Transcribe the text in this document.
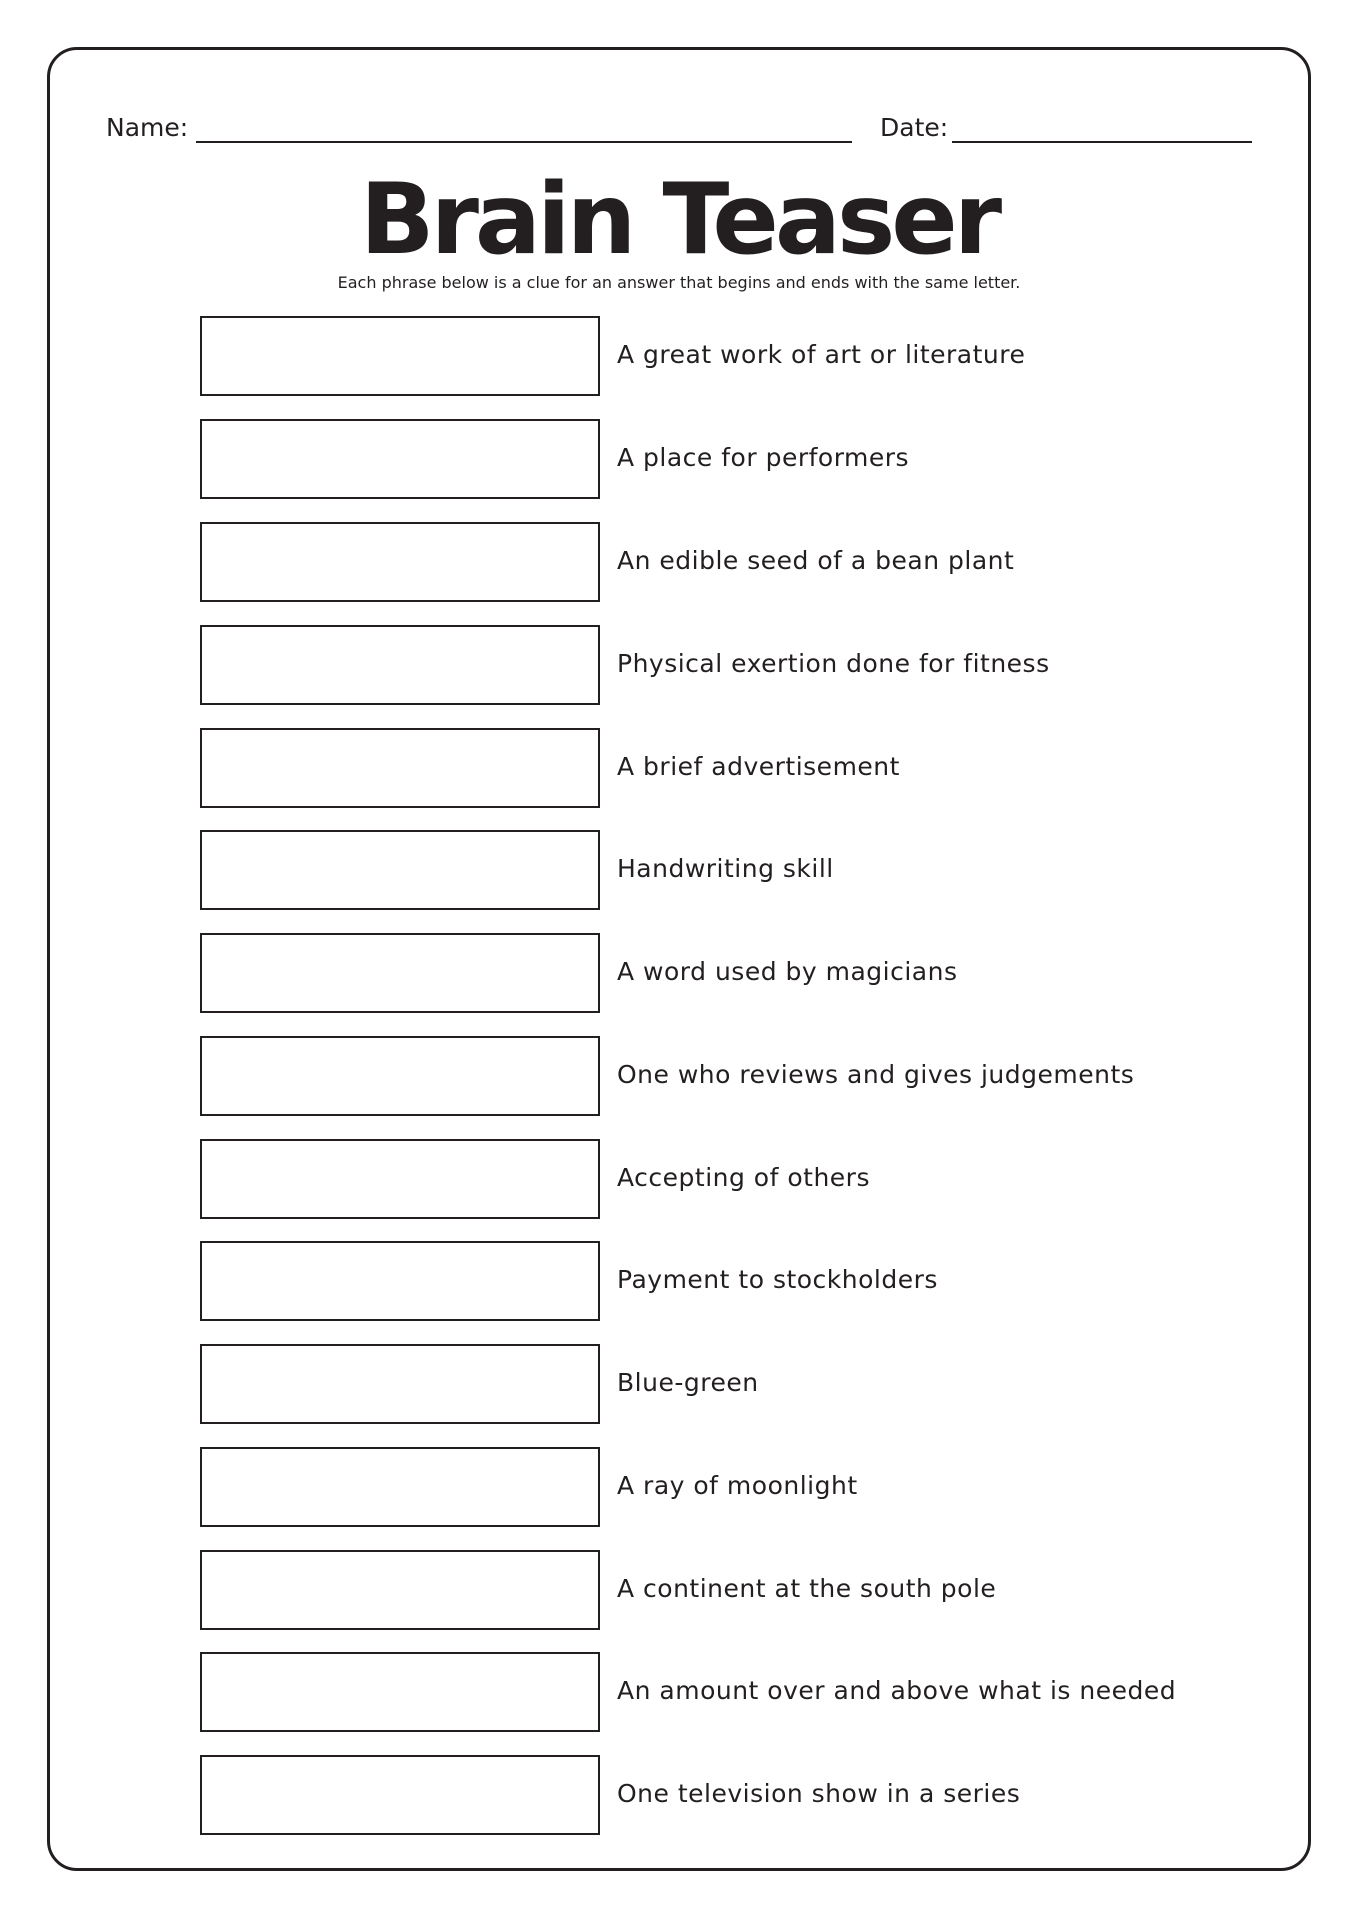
Name:	Date:
Brain Teaser
Each phrase below is a clue for an answer that begins and ends with the same letter.
A great work of art or literature
A place for performers
An edible seed of a bean plant
Physical exertion done for fitness
A brief advertisement
Handwriting skill
A word used by magicians
One who reviews and gives judgements
Accepting of others
Payment to stockholders
Blue-green
A ray of moonlight
A continent at the south pole
An amount over and above what is needed
One television show in a series
